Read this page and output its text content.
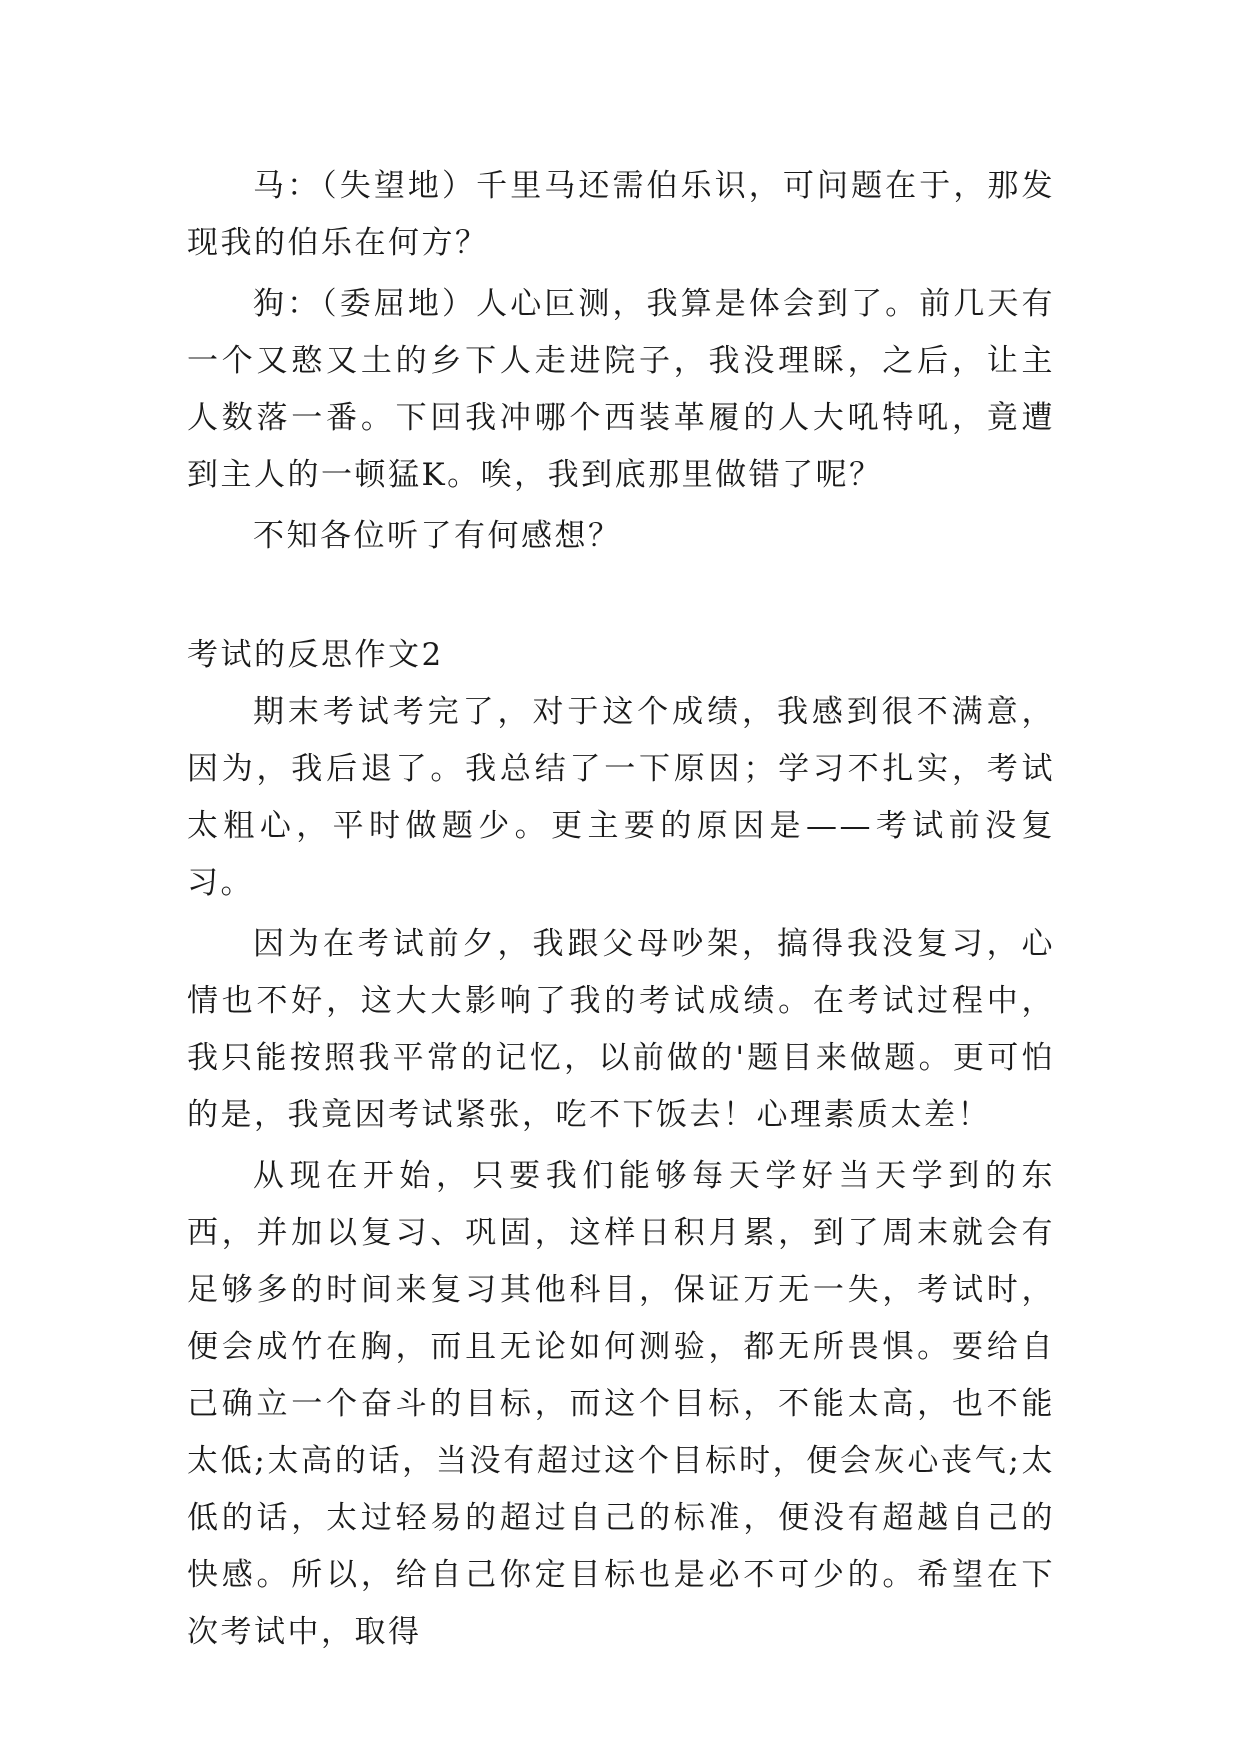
马：（失望地）千里马还需伯乐识，可问题在于，那发现我的伯乐在何方？

狗：（委屈地）人心叵测，我算是体会到了。前几天有一个又憨又土的乡下人走进院子，我没理睬，之后，让主人数落一番。下回我冲哪个西装革履的人大吼特吼，竟遭到主人的一顿猛K。唉，我到底那里做错了呢？

不知各位听了有何感想？

考试的反思作文2

期末考试考完了，对于这个成绩，我感到很不满意，因为，我后退了。我总结了一下原因；学习不扎实，考试太粗心，平时做题少。更主要的原因是——考试前没复习。

因为在考试前夕，我跟父母吵架，搞得我没复习，心情也不好，这大大影响了我的考试成绩。在考试过程中，我只能按照我平常的记忆，以前做的'题目来做题。更可怕的是，我竟因考试紧张，吃不下饭去！心理素质太差！

从现在开始，只要我们能够每天学好当天学到的东西，并加以复习、巩固，这样日积月累，到了周末就会有足够多的时间来复习其他科目，保证万无一失，考试时，便会成竹在胸，而且无论如何测验，都无所畏惧。要给自己确立一个奋斗的目标，而这个目标，不能太高，也不能太低;太高的话，当没有超过这个目标时，便会灰心丧气;太低的话，太过轻易的超过自己的标准，便没有超越自己的快感。所以，给自己你定目标也是必不可少的。希望在下次考试中，取得
